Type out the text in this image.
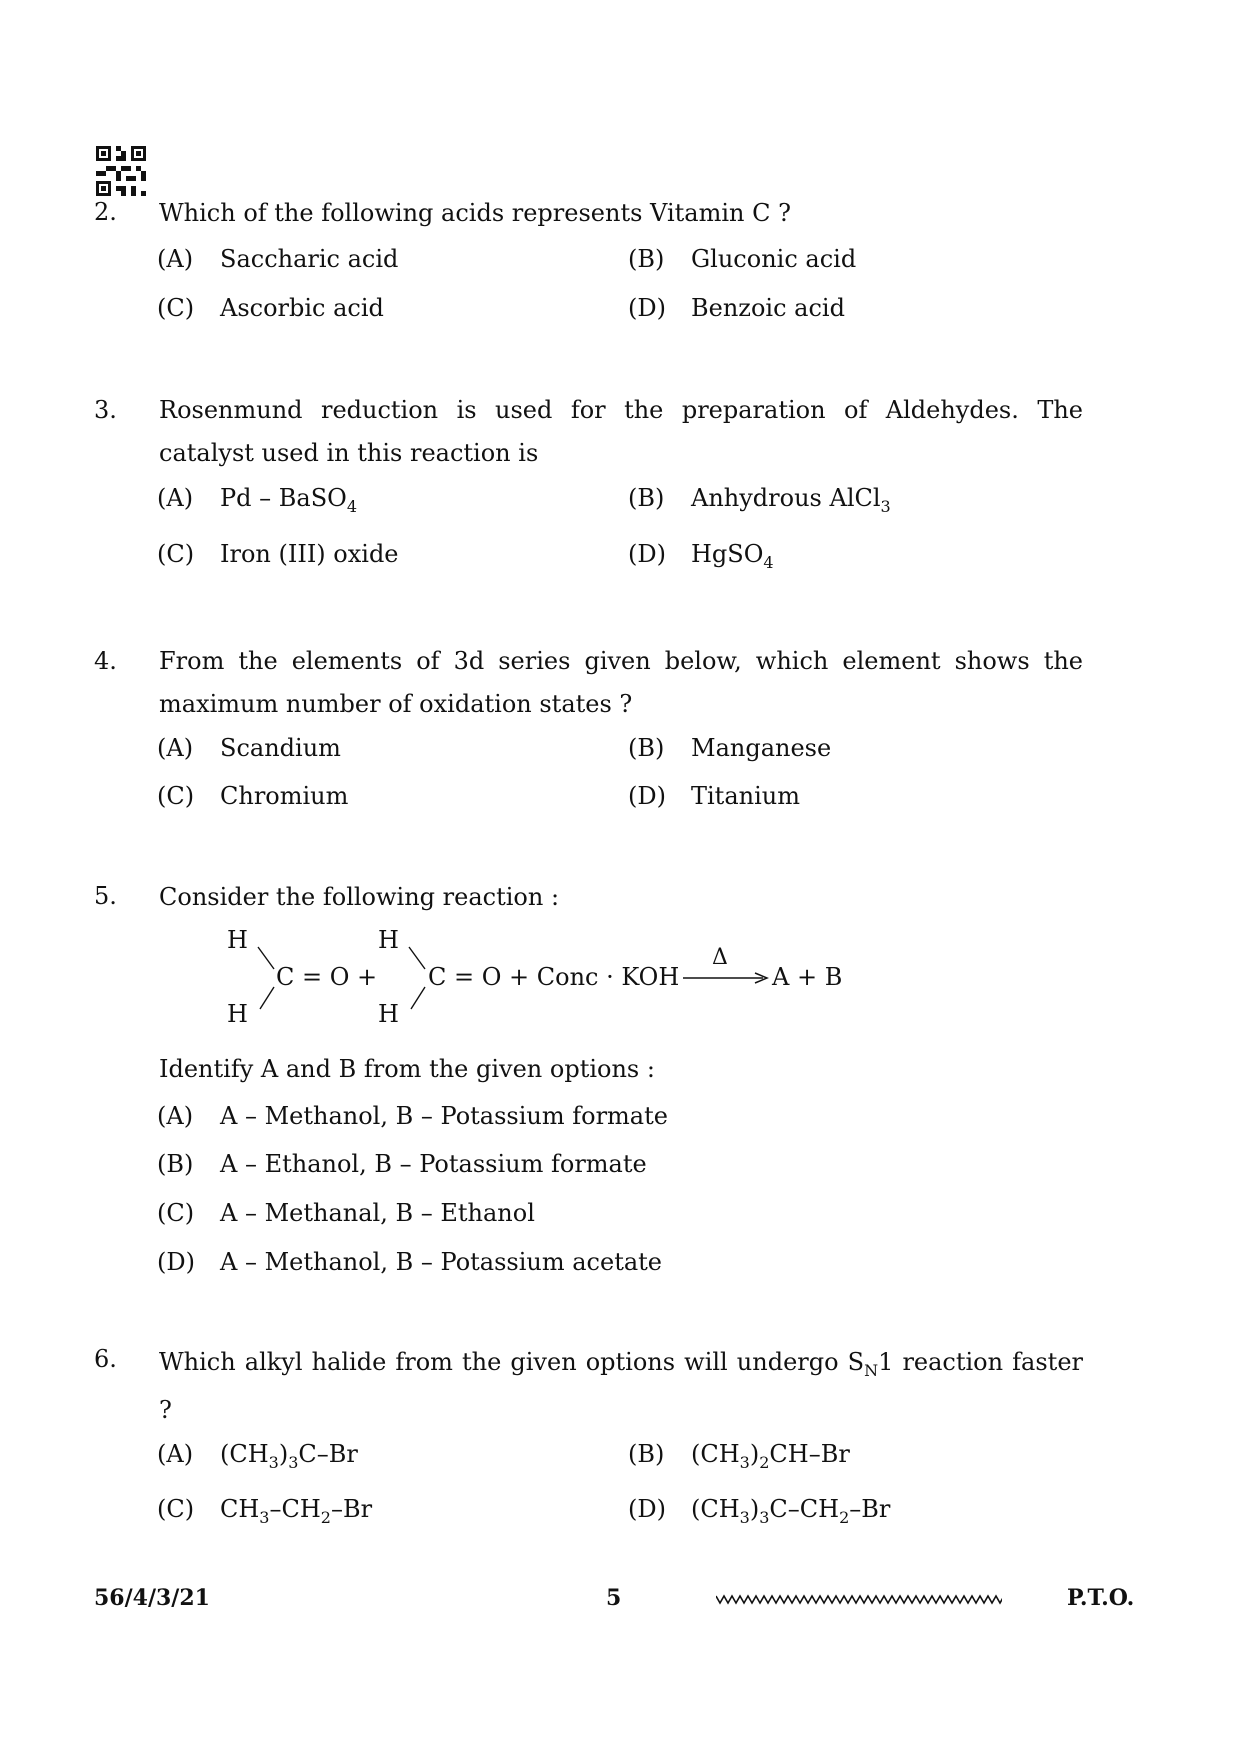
2. Which of the following acids represents Vitamin C ?
(A) Saccharic acid	(B) Gluconic acid
(C) Ascorbic acid	(D) Benzoic acid
3. Rosenmund reduction is used for the preparation of Aldehydes. The catalyst used in this reaction is
(A) Pd – BaSO$_4$	(B) Anhydrous AlCl$_3$
(C) Iron (III) oxide	(D) HgSO$_4$
4. From the elements of 3d series given below, which element shows the maximum number of oxidation states ?
(A) Scandium	(B) Manganese
(C) Chromium	(D) Titanium
5. Consider the following reaction :
H
H
C = O +
H
H
C = O + Conc · KOH
Δ
A + B
Identify A and B from the given options :
(A) A – Methanol, B – Potassium formate
(B) A – Ethanol, B – Potassium formate
(C) A – Methanal, B – Ethanol
(D) A – Methanol, B – Potassium acetate
6. Which alkyl halide from the given options will undergo $S_N1$ reaction faster ?
(A) $(CH_3)_3C-Br$	(B) $(CH_3)_2CH-Br$
(C) $CH_3-CH_2-Br$	(D) $(CH_3)_3C-CH_2-Br$
56/4/3/21	5	P.T.O.
